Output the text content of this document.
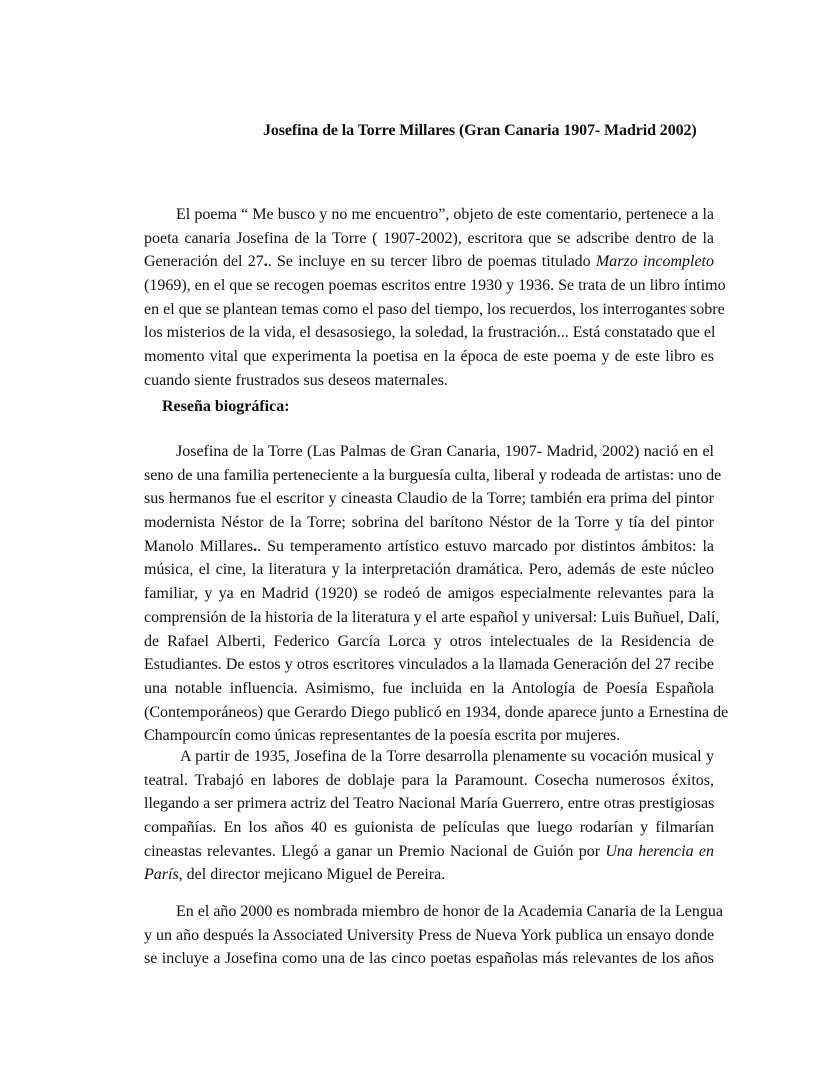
Josefina de la Torre Millares (Gran Canaria 1907- Madrid 2002)
El poema “ Me busco y no me encuentro”, objeto de este comentario, pertenece a la
poeta canaria Josefina de la Torre ( 1907-2002), escritora que se adscribe dentro de la
Generación del 27.. Se incluye en su tercer libro de poemas titulado Marzo incompleto
(1969), en el que se recogen poemas escritos entre 1930 y 1936. Se trata de un libro íntimo
en el que se plantean temas como el paso del tiempo, los recuerdos, los interrogantes sobre
los misterios de la vida, el desasosiego, la soledad, la frustración... Está constatado que el
momento vital que experimenta la poetisa en la época de este poema y de este libro es
cuando siente frustrados sus deseos maternales.
Reseña biográfica:
Josefina de la Torre (Las Palmas de Gran Canaria, 1907- Madrid, 2002) nació en el
seno de una familia perteneciente a la burguesía culta, liberal y rodeada de artistas: uno de
sus hermanos fue el escritor y cineasta Claudio de la Torre; también era prima del pintor
modernista Néstor de la Torre; sobrina del barítono Néstor de la Torre y tía del pintor
Manolo Millares.. Su temperamento artístico estuvo marcado por distintos ámbitos: la
música, el cine, la literatura y la interpretación dramática. Pero, además de este núcleo
familiar, y ya en Madrid (1920) se rodeó de amigos especialmente relevantes para la
comprensión de la historia de la literatura y el arte español y universal: Luis Buñuel, Dalí,
de Rafael Alberti, Federico García Lorca y otros intelectuales de la Residencia de
Estudiantes. De estos y otros escritores vinculados a la llamada Generación del 27 recibe
una notable influencia. Asimismo, fue incluida en la Antología de Poesía Española
(Contemporáneos) que Gerardo Diego publicó en 1934, donde aparece junto a Ernestina de
Champourcín como únicas representantes de la poesía escrita por mujeres.
A partir de 1935, Josefina de la Torre desarrolla plenamente su vocación musical y
teatral. Trabajó en labores de doblaje para la Paramount. Cosecha numerosos éxitos,
llegando a ser primera actriz del Teatro Nacional María Guerrero, entre otras prestigiosas
compañías. En los años 40 es guionista de películas que luego rodarían y filmarían
cineastas relevantes. Llegó a ganar un Premio Nacional de Guión por Una herencia en
París, del director mejicano Miguel de Pereira.
En el año 2000 es nombrada miembro de honor de la Academia Canaria de la Lengua
y un año después la Associated University Press de Nueva York publica un ensayo donde
se incluye a Josefina como una de las cinco poetas españolas más relevantes de los años
